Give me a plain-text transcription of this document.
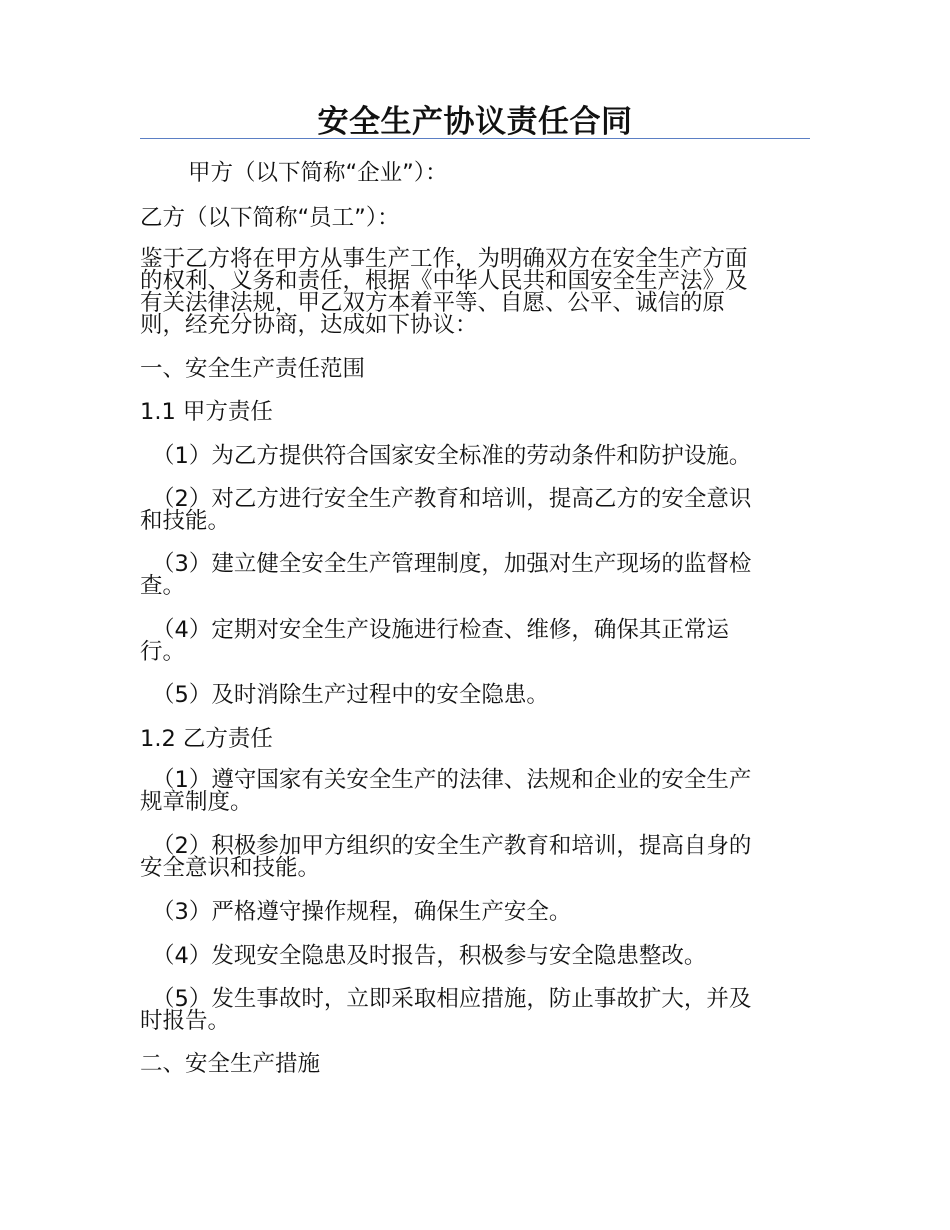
安全生产协议责任合同
甲方（以下简称“企业”）：
乙方（以下简称“员工”）：
鉴于乙方将在甲方从事生产工作，为明确双方在安全生产方面
的权利、义务和责任，根据《中华人民共和国安全生产法》及
有关法律法规，甲乙双方本着平等、自愿、公平、诚信的原
则，经充分协商，达成如下协议：
一、安全生产责任范围
1.1 甲方责任
（1）为乙方提供符合国家安全标准的劳动条件和防护设施。
（2）对乙方进行安全生产教育和培训，提高乙方的安全意识
和技能。
（3）建立健全安全生产管理制度，加强对生产现场的监督检
查。
（4）定期对安全生产设施进行检查、维修，确保其正常运
行。
（5）及时消除生产过程中的安全隐患。
1.2 乙方责任
（1）遵守国家有关安全生产的法律、法规和企业的安全生产
规章制度。
（2）积极参加甲方组织的安全生产教育和培训，提高自身的
安全意识和技能。
（3）严格遵守操作规程，确保生产安全。
（4）发现安全隐患及时报告，积极参与安全隐患整改。
（5）发生事故时，立即采取相应措施，防止事故扩大，并及
时报告。
二、安全生产措施
